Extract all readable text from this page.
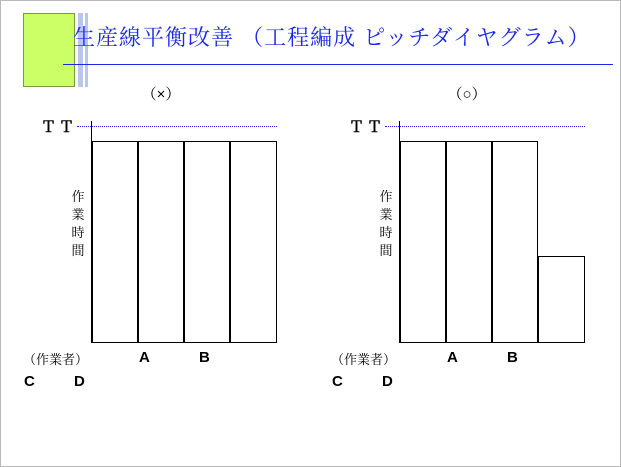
生産線平衡改善 （工程編成 ピッチダイヤグラム）
（×）
ＴＴ
作業時間
（作業者）	A	B
C	D
（○）
ＴＴ
作業時間
（作業者）	A	B
C	D
